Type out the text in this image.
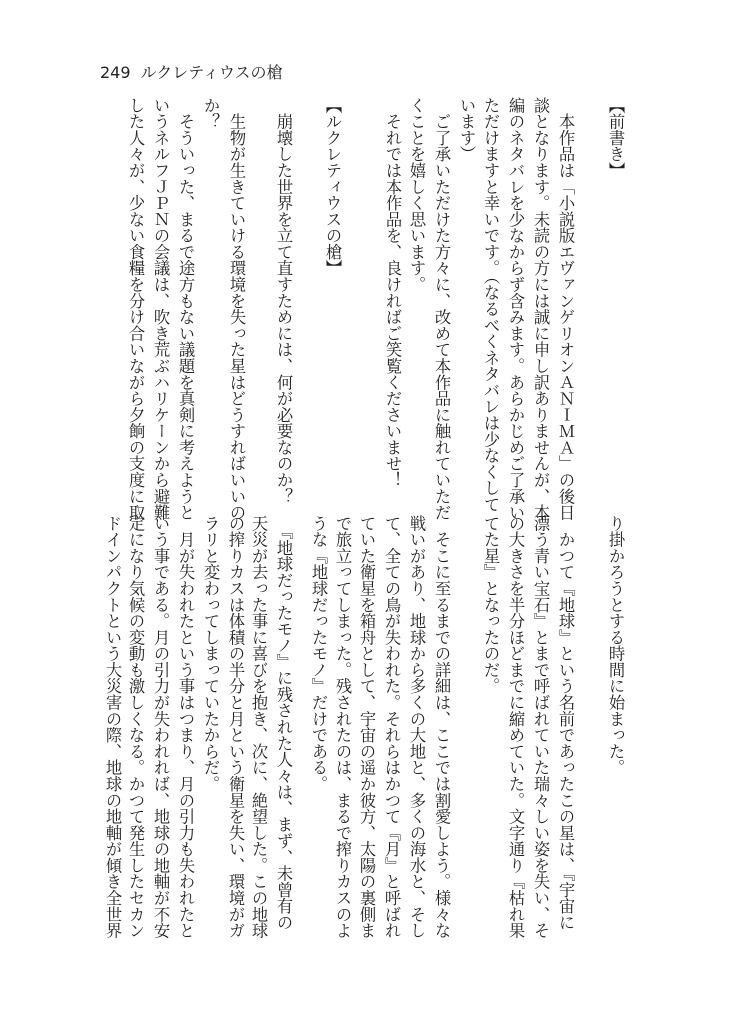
249 ルクレティウスの槍
【前書き】
　本作品は「小説版エヴァンゲリオンＡＮＩＭＡ」の後日
談となります。未読の方には誠に申し訳ありませんが、本
編のネタバレを少なからず含みます。あらかじめご了承い
ただけますと幸いです。（なるべくネタバレは少なくして
います）
　ご了承いただけた方々に、改めて本作品に触れていただ
くことを嬉しく思います。
　それでは本作品を、良ければご笑覧くださいませ！
【ルクレティウスの槍】
　崩壊した世界を立て直すためには、何が必要なのか？
　生物が生きていける環境を失った星はどうすればいいの
か？
　そういった、まるで途方もない議題を真剣に考えようと
いうネルフＪＰＮの会議は、吹き荒ぶハリケーンから避難
した人々が、少ない食糧を分け合いながら夕餉の支度に取
り掛かろうとする時間に始まった。
　かつて『地球』という名前であったこの星は、『宇宙に
漂う青い宝石』とまで呼ばれていた瑞々しい姿を失い、そ
の大きさを半分ほどまでに縮めていた。文字通り『枯れ果
てた星』となったのだ。
　そこに至るまでの詳細は、ここでは割愛しよう。様々な
戦いがあり、地球から多くの大地と、多くの海水と、そし
て、全ての鳥が失われた。それらはかつて『月』と呼ばれ
ていた衛星を箱舟として、宇宙の遥か彼方、太陽の裏側ま
で旅立ってしまった。残されたのは、まるで搾りカスのよ
うな『地球だったモノ』だけである。
　『地球だったモノ』に残された人々は、まず、未曾有の
天災が去った事に喜びを抱き、次に、絶望した。この地球
の搾りカスは体積の半分と月という衛星を失い、環境がガ
ラリと変わってしまっていたからだ。
　月が失われたという事はつまり、月の引力も失われたと
いう事である。月の引力が失われれば、地球の地軸が不安
定になり気候の変動も激しくなる。かつて発生したセカン
ドインパクトという大災害の際、地球の地軸が傾き全世界
